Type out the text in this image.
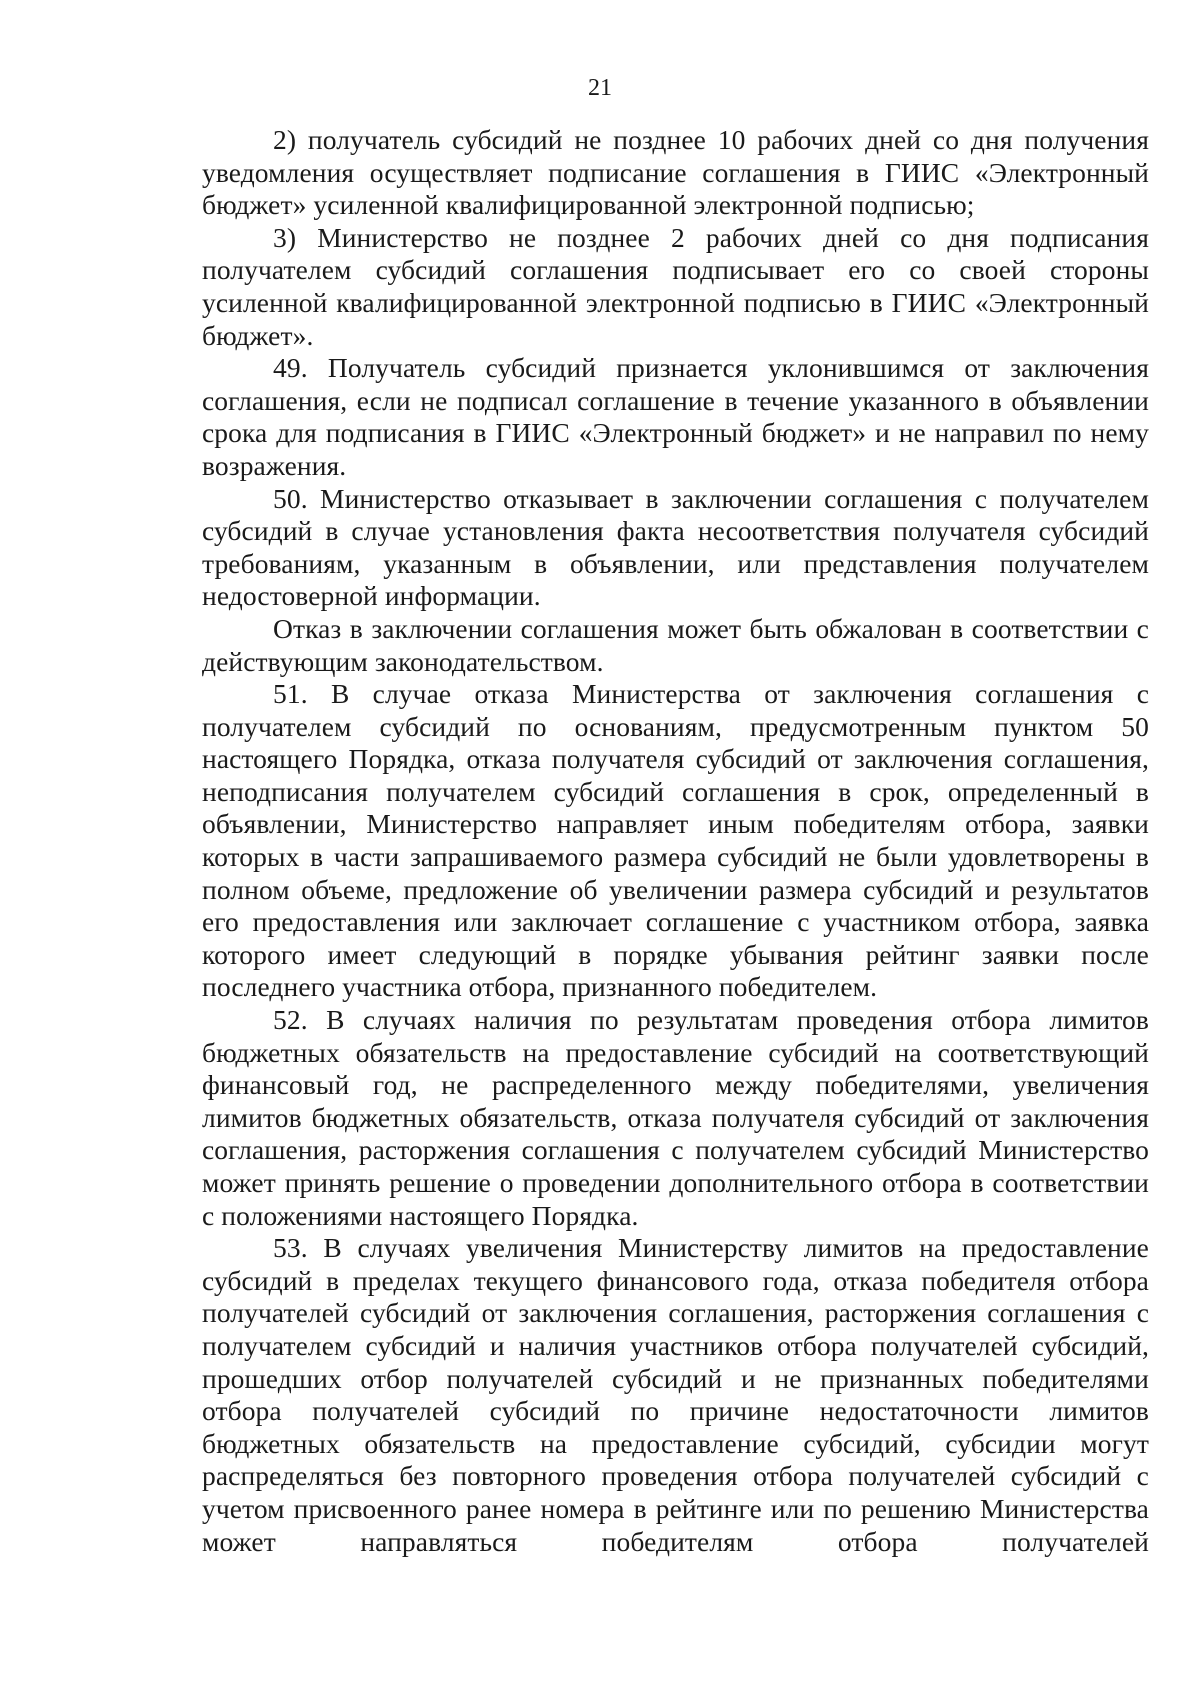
21

2) получатель субсидий не позднее 10 рабочих дней со дня получения уведомления осуществляет подписание соглашения в ГИИС «Электронный бюджет» усиленной квалифицированной электронной подписью;

3) Министерство не позднее 2 рабочих дней со дня подписания получателем субсидий соглашения подписывает его со своей стороны усиленной квалифицированной электронной подписью в ГИИС «Электронный бюджет».

49. Получатель субсидий признается уклонившимся от заключения соглашения, если не подписал соглашение в течение указанного в объявлении срока для подписания в ГИИС «Электронный бюджет» и не направил по нему возражения.

50. Министерство отказывает в заключении соглашения с получателем субсидий в случае установления факта несоответствия получателя субсидий требованиям, указанным в объявлении, или представления получателем недостоверной информации.

Отказ в заключении соглашения может быть обжалован в соответствии с действующим законодательством.

51. В случае отказа Министерства от заключения соглашения с получателем субсидий по основаниям, предусмотренным пунктом 50 настоящего Порядка, отказа получателя субсидий от заключения соглашения, неподписания получателем субсидий соглашения в срок, определенный в объявлении, Министерство направляет иным победителям отбора, заявки которых в части запрашиваемого размера субсидий не были удовлетворены в полном объеме, предложение об увеличении размера субсидий и результатов его предоставления или заключает соглашение с участником отбора, заявка которого имеет следующий в порядке убывания рейтинг заявки после последнего участника отбора, признанного победителем.

52. В случаях наличия по результатам проведения отбора лимитов бюджетных обязательств на предоставление субсидий на соответствующий финансовый год, не распределенного между победителями, увеличения лимитов бюджетных обязательств, отказа получателя субсидий от заключения соглашения, расторжения соглашения с получателем субсидий Министерство может принять решение о проведении дополнительного отбора в соответствии с положениями настоящего Порядка.

53. В случаях увеличения Министерству лимитов на предоставление субсидий в пределах текущего финансового года, отказа победителя отбора получателей субсидий от заключения соглашения, расторжения соглашения с получателем субсидий и наличия участников отбора получателей субсидий, прошедших отбор получателей субсидий и не признанных победителями отбора получателей субсидий по причине недостаточности лимитов бюджетных обязательств на предоставление субсидий, субсидии могут распределяться без повторного проведения отбора получателей субсидий с учетом присвоенного ранее номера в рейтинге или по решению Министерства может направляться победителям отбора получателей
